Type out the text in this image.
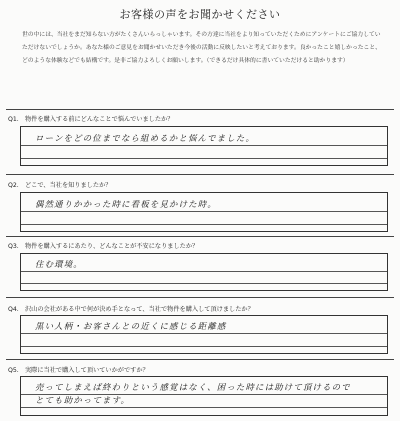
お客様の声をお聞かせください
世の中には、当社をまだ知らない方がたくさんいらっしゃいます。その方達に当社をより知っていただくためにアンケートにご協力していただけないでしょうか。あなた様のご意見をお聞かせいただき今後の活動に反映したいと考えております。良かったこと嬉しかったこと、どのような体験などでも結構です。是非ご協力よろしくお願いします。（できるだけ具体的に書いていただけると助かります）
Q1.　物件を購入する前にどんなことで悩んでいましたか？
ローンをどの位までなら組めるかと悩んでました。
Q2.　どこで、当社を知りましたか？
偶然通りかかった時に看板を見かけた時。
Q3.　物件を購入するにあたり、どんなことが不安になりましたか？
住む環境。
Q4.　沢山の会社がある中で何が決め手となって、当社で物件を購入して頂けましたか？
黒い人柄・お客さんとの近くに感じる距離感
Q5.　実際に当社で購入して頂いていかがですか？
売ってしまえば終わりという感覚はなく、困った時には助けて頂けるので
とても助かってます。
